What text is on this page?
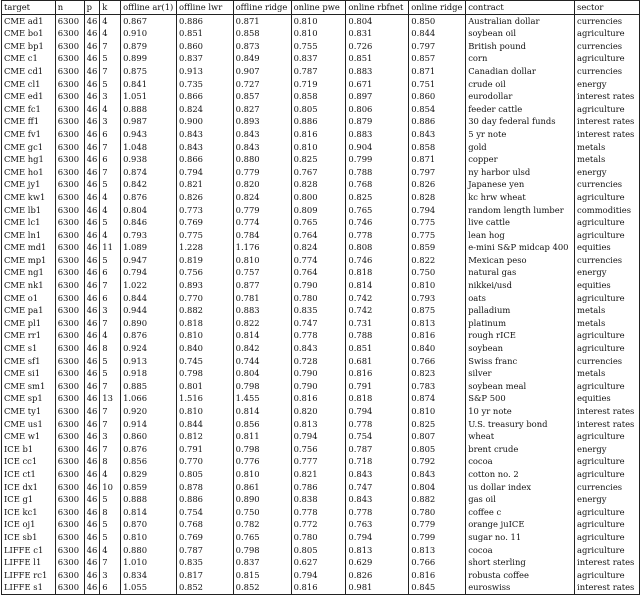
target	n	p	k	offline ar(1)	offline lwr	offline ridge	online pwe	online rbfnet	online ridge	contract	sector
CME ad1	6300	46	4	0.867	0.886	0.871	0.810	0.804	0.850	Australian dollar	currencies
CME bo1	6300	46	4	0.910	0.851	0.858	0.810	0.831	0.844	soybean oil	agriculture
CME bp1	6300	46	7	0.879	0.860	0.873	0.755	0.726	0.797	British pound	currencies
CME c1	6300	46	5	0.899	0.837	0.849	0.837	0.851	0.857	corn	agriculture
CME cd1	6300	46	7	0.875	0.913	0.907	0.787	0.883	0.871	Canadian dollar	currencies
CME cl1	6300	46	5	0.841	0.735	0.727	0.719	0.671	0.751	crude oil	energy
CME ed1	6300	46	3	1.051	0.866	0.857	0.858	0.897	0.860	eurodollar	interest rates
CME fc1	6300	46	4	0.888	0.824	0.827	0.805	0.806	0.854	feeder cattle	agriculture
CME ff1	6300	46	3	0.987	0.900	0.893	0.886	0.879	0.886	30 day federal funds	interest rates
CME fv1	6300	46	6	0.943	0.843	0.843	0.816	0.883	0.843	5 yr note	interest rates
CME gc1	6300	46	7	1.048	0.843	0.843	0.810	0.904	0.858	gold	metals
CME hg1	6300	46	6	0.938	0.866	0.880	0.825	0.799	0.871	copper	metals
CME ho1	6300	46	7	0.874	0.794	0.779	0.767	0.788	0.797	ny harbor ulsd	energy
CME jy1	6300	46	5	0.842	0.821	0.820	0.828	0.768	0.826	Japanese yen	currencies
CME kw1	6300	46	4	0.876	0.826	0.824	0.800	0.825	0.828	kc hrw wheat	agriculture
CME lb1	6300	46	4	0.804	0.773	0.779	0.809	0.765	0.794	random length lumber	commodities
CME lc1	6300	46	5	0.846	0.769	0.774	0.765	0.746	0.775	live cattle	agriculture
CME ln1	6300	46	4	0.793	0.775	0.784	0.764	0.778	0.775	lean hog	agriculture
CME md1	6300	46	11	1.089	1.228	1.176	0.824	0.808	0.859	e-mini S&P midcap 400	equities
CME mp1	6300	46	5	0.947	0.819	0.810	0.774	0.746	0.822	Mexican peso	currencies
CME ng1	6300	46	6	0.794	0.756	0.757	0.764	0.818	0.750	natural gas	energy
CME nk1	6300	46	7	1.022	0.893	0.877	0.790	0.814	0.810	nikkei/usd	equities
CME o1	6300	46	6	0.844	0.770	0.781	0.780	0.742	0.793	oats	agriculture
CME pa1	6300	46	3	0.944	0.882	0.883	0.835	0.742	0.875	palladium	metals
CME pl1	6300	46	7	0.890	0.818	0.822	0.747	0.731	0.813	platinum	metals
CME rr1	6300	46	4	0.876	0.810	0.814	0.778	0.788	0.816	rough rICE	agriculture
CME s1	6300	46	8	0.924	0.840	0.842	0.843	0.851	0.840	soybean	agriculture
CME sf1	6300	46	5	0.913	0.745	0.744	0.728	0.681	0.766	Swiss franc	currencies
CME si1	6300	46	5	0.918	0.798	0.804	0.790	0.816	0.823	silver	metals
CME sm1	6300	46	7	0.885	0.801	0.798	0.790	0.791	0.783	soybean meal	agriculture
CME sp1	6300	46	13	1.066	1.516	1.455	0.816	0.818	0.874	S&P 500	equities
CME ty1	6300	46	7	0.920	0.810	0.814	0.820	0.794	0.810	10 yr note	interest rates
CME us1	6300	46	7	0.914	0.844	0.856	0.813	0.778	0.825	U.S. treasury bond	interest rates
CME w1	6300	46	3	0.860	0.812	0.811	0.794	0.754	0.807	wheat	agriculture
ICE b1	6300	46	7	0.876	0.791	0.798	0.756	0.787	0.805	brent crude	energy
ICE cc1	6300	46	8	0.856	0.770	0.776	0.777	0.718	0.792	cocoa	agriculture
ICE ct1	6300	46	4	0.829	0.805	0.810	0.821	0.843	0.843	cotton no. 2	agriculture
ICE dx1	6300	46	10	0.859	0.878	0.861	0.786	0.747	0.804	us dollar index	currencies
ICE g1	6300	46	5	0.888	0.886	0.890	0.838	0.843	0.882	gas oil	energy
ICE kc1	6300	46	8	0.814	0.754	0.750	0.778	0.778	0.780	coffee c	agriculture
ICE oj1	6300	46	5	0.870	0.768	0.782	0.772	0.763	0.779	orange juICE	agriculture
ICE sb1	6300	46	5	0.810	0.769	0.765	0.780	0.794	0.799	sugar no. 11	agriculture
LIFFE c1	6300	46	4	0.880	0.787	0.798	0.805	0.813	0.813	cocoa	agriculture
LIFFE l1	6300	46	7	1.010	0.835	0.837	0.627	0.629	0.766	short sterling	interest rates
LIFFE rc1	6300	46	3	0.834	0.817	0.815	0.794	0.826	0.816	robusta coffee	agriculture
LIFFE s1	6300	46	6	1.055	0.852	0.852	0.816	0.981	0.845	euroswiss	interest rates
